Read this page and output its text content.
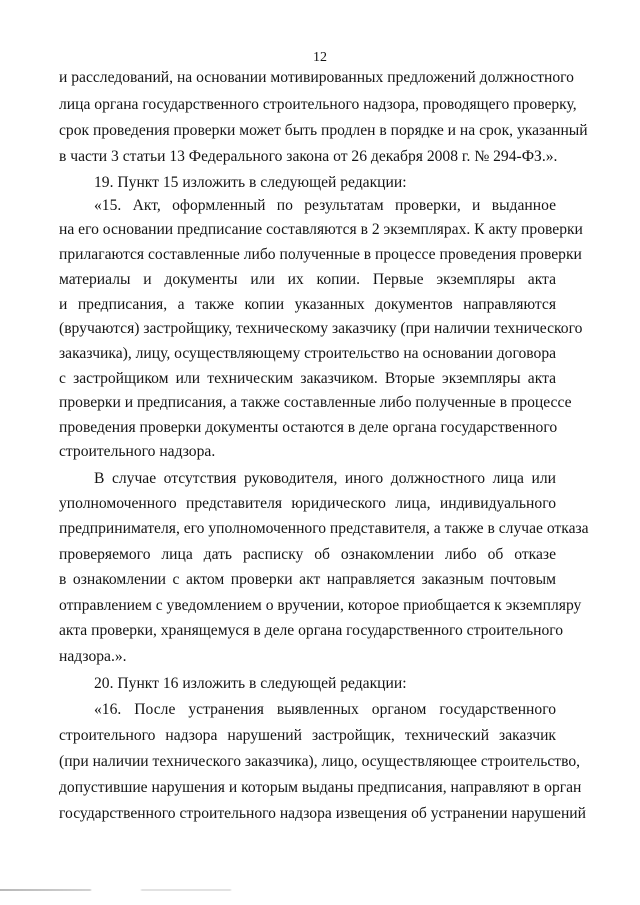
12
и расследований, на основании мотивированных предложений должностного
лица органа государственного строительного надзора, проводящего проверку,
срок проведения проверки может быть продлен в порядке и на срок, указанный
в части 3 статьи 13 Федерального закона от 26 декабря 2008 г. № 294-ФЗ.».
19. Пункт 15 изложить в следующей редакции:
«15. Акт, оформленный по результатам проверки, и выданное
на его основании предписание составляются в 2 экземплярах. К акту проверки
прилагаются составленные либо полученные в процессе проведения проверки
материалы и документы или их копии. Первые экземпляры акта
и предписания, а также копии указанных документов направляются
(вручаются) застройщику, техническому заказчику (при наличии технического
заказчика), лицу, осуществляющему строительство на основании договора
с застройщиком или техническим заказчиком. Вторые экземпляры акта
проверки и предписания, а также составленные либо полученные в процессе
проведения проверки документы остаются в деле органа государственного
строительного надзора.
В случае отсутствия руководителя, иного должностного лица или
уполномоченного представителя юридического лица, индивидуального
предпринимателя, его уполномоченного представителя, а также в случае отказа
проверяемого лица дать расписку об ознакомлении либо об отказе
в ознакомлении с актом проверки акт направляется заказным почтовым
отправлением с уведомлением о вручении, которое приобщается к экземпляру
акта проверки, хранящемуся в деле органа государственного строительного
надзора.».
20. Пункт 16 изложить в следующей редакции:
«16. После устранения выявленных органом государственного
строительного надзора нарушений застройщик, технический заказчик
(при наличии технического заказчика), лицо, осуществляющее строительство,
допустившие нарушения и которым выданы предписания, направляют в орган
государственного строительного надзора извещения об устранении нарушений
